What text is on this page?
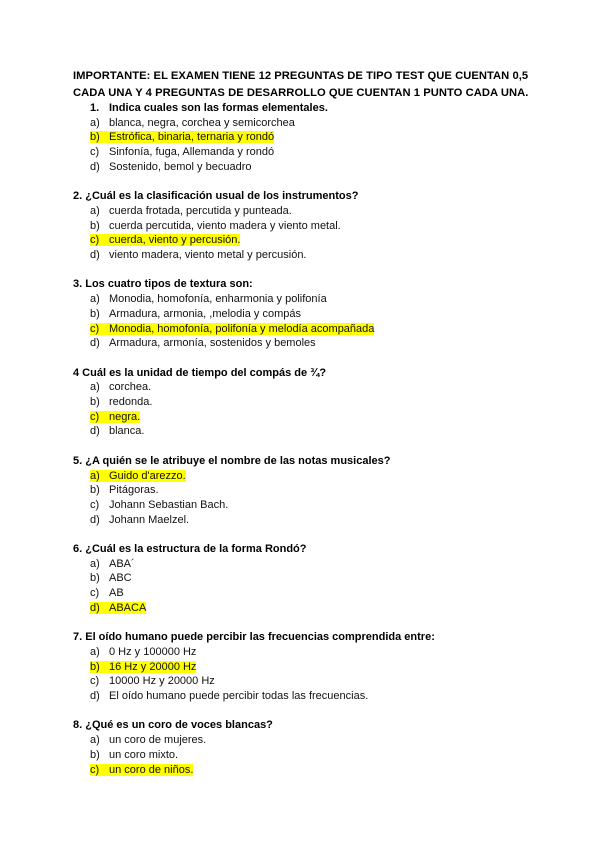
IMPORTANTE: EL EXAMEN TIENE 12 PREGUNTAS DE TIPO TEST QUE CUENTAN 0,5
CADA UNA Y 4 PREGUNTAS DE DESARROLLO QUE CUENTAN 1 PUNTO CADA UNA.
1. Indica cuales son las formas elementales.
a) blanca, negra, corchea y semicorchea
b) Estrófica, binaria, ternaria y rondó
c) Sinfonía, fuga, Allemanda y rondó
d) Sostenido, bemol y becuadro
2. ¿Cuál es la clasificación usual de los instrumentos?
a) cuerda frotada, percutida y punteada.
b) cuerda percutida, viento madera y viento metal.
c) cuerda, viento y percusión.
d) viento madera, viento metal y percusión.
3. Los cuatro tipos de textura son:
a) Monodia, homofonía, enharmonia y polifonía
b) Armadura, armonia, ,melodia y compás
c) Monodia, homofonía, polifonía y melodía acompañada
d) Armadura, armonía, sostenidos y bemoles
4 Cuál es la unidad de tiempo del compás de ¾?
a) corchea.
b) redonda.
c) negra.
d) blanca.
5. ¿A quién se le atribuye el nombre de las notas musicales?
a) Guido d'arezzo.
b) Pitágoras.
c) Johann Sebastian Bach.
d) Johann Maelzel.
6. ¿Cuál es la estructura de la forma Rondó?
a) ABA´
b) ABC
c) AB
d) ABACA
7. El oído humano puede percibir las frecuencias comprendida entre:
a) 0 Hz y 100000 Hz
b) 16 Hz y 20000 Hz
c) 10000 Hz y 20000 Hz
d) El oído humano puede percibir todas las frecuencias.
8. ¿Qué es un coro de voces blancas?
a) un coro de mujeres.
b) un coro mixto.
c) un coro de niños.
